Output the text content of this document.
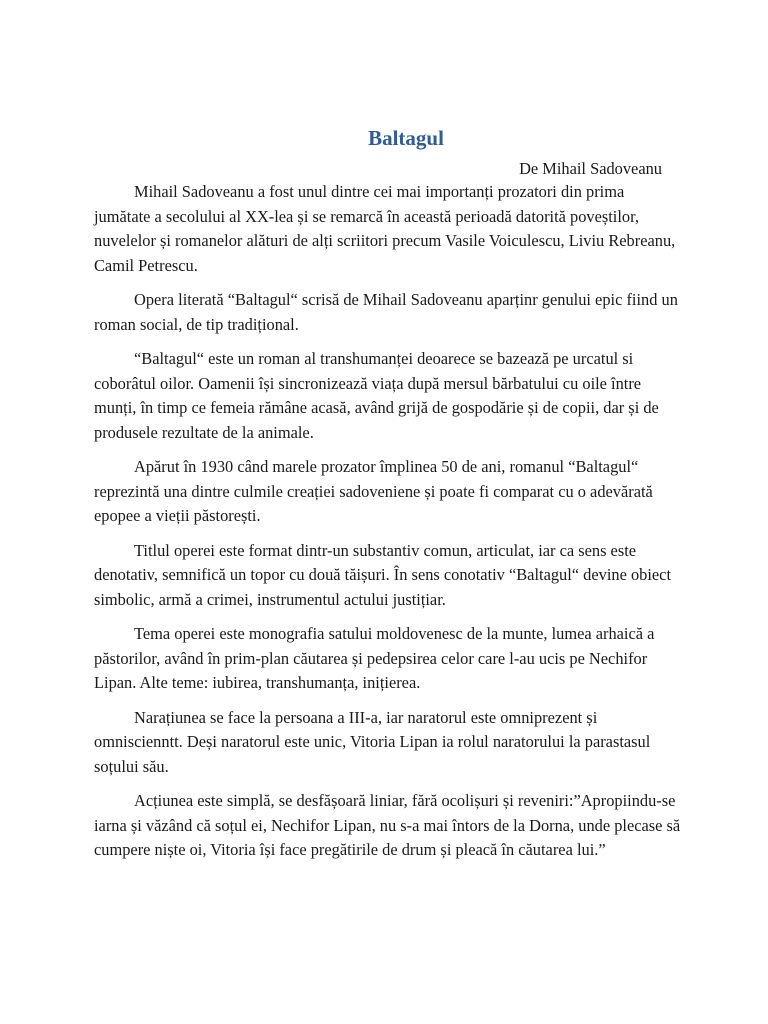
Baltagul

De Mihail Sadoveanu

Mihail Sadoveanu a fost unul dintre cei mai importanți prozatori din prima jumătate a secolului al XX-lea și se remarcă în această perioadă datorită poveștilor, nuvelelor și romanelor alături de alți scriitori precum Vasile Voiculescu, Liviu Rebreanu, Camil Petrescu.

Opera literată “Baltagul“ scrisă de Mihail Sadoveanu aparținr genului epic fiind un roman social, de tip tradițional.

“Baltagul“ este un roman al transhumanței deoarece se bazează pe urcatul si coborâtul oilor. Oamenii își sincronizează viața după mersul bărbatului cu oile între munți, în timp ce femeia rămâne acasă, având grijă de gospodărie și de copii, dar și de produsele rezultate de la animale.

Apărut în 1930 când marele prozator împlinea 50 de ani, romanul “Baltagul“ reprezintă una dintre culmile creației sadoveniene și poate fi comparat cu o adevărată epopee a vieții păstorești.

Titlul operei este format dintr-un substantiv comun, articulat, iar ca sens este denotativ, semnifică un topor cu două tăișuri. În sens conotativ “Baltagul“ devine obiect simbolic, armă a crimei, instrumentul actului justițiar.

Tema operei este monografia satului moldovenesc de la munte, lumea arhaică a păstorilor, având în prim-plan căutarea și pedepsirea celor care l-au ucis pe Nechifor Lipan. Alte teme: iubirea, transhumanța, inițierea.

Narațiunea se face la persoana a III-a, iar naratorul este omniprezent și omniscienntt. Deși naratorul este unic, Vitoria Lipan ia rolul naratorului la parastasul soțului său.

Acțiunea este simplă, se desfășoară liniar, fără ocolișuri și reveniri:”Apropiindu-se iarna și văzând că soțul ei, Nechifor Lipan, nu s-a mai întors de la Dorna, unde plecase să cumpere niște oi, Vitoria își face pregătirile de drum și pleacă în căutarea lui.”
